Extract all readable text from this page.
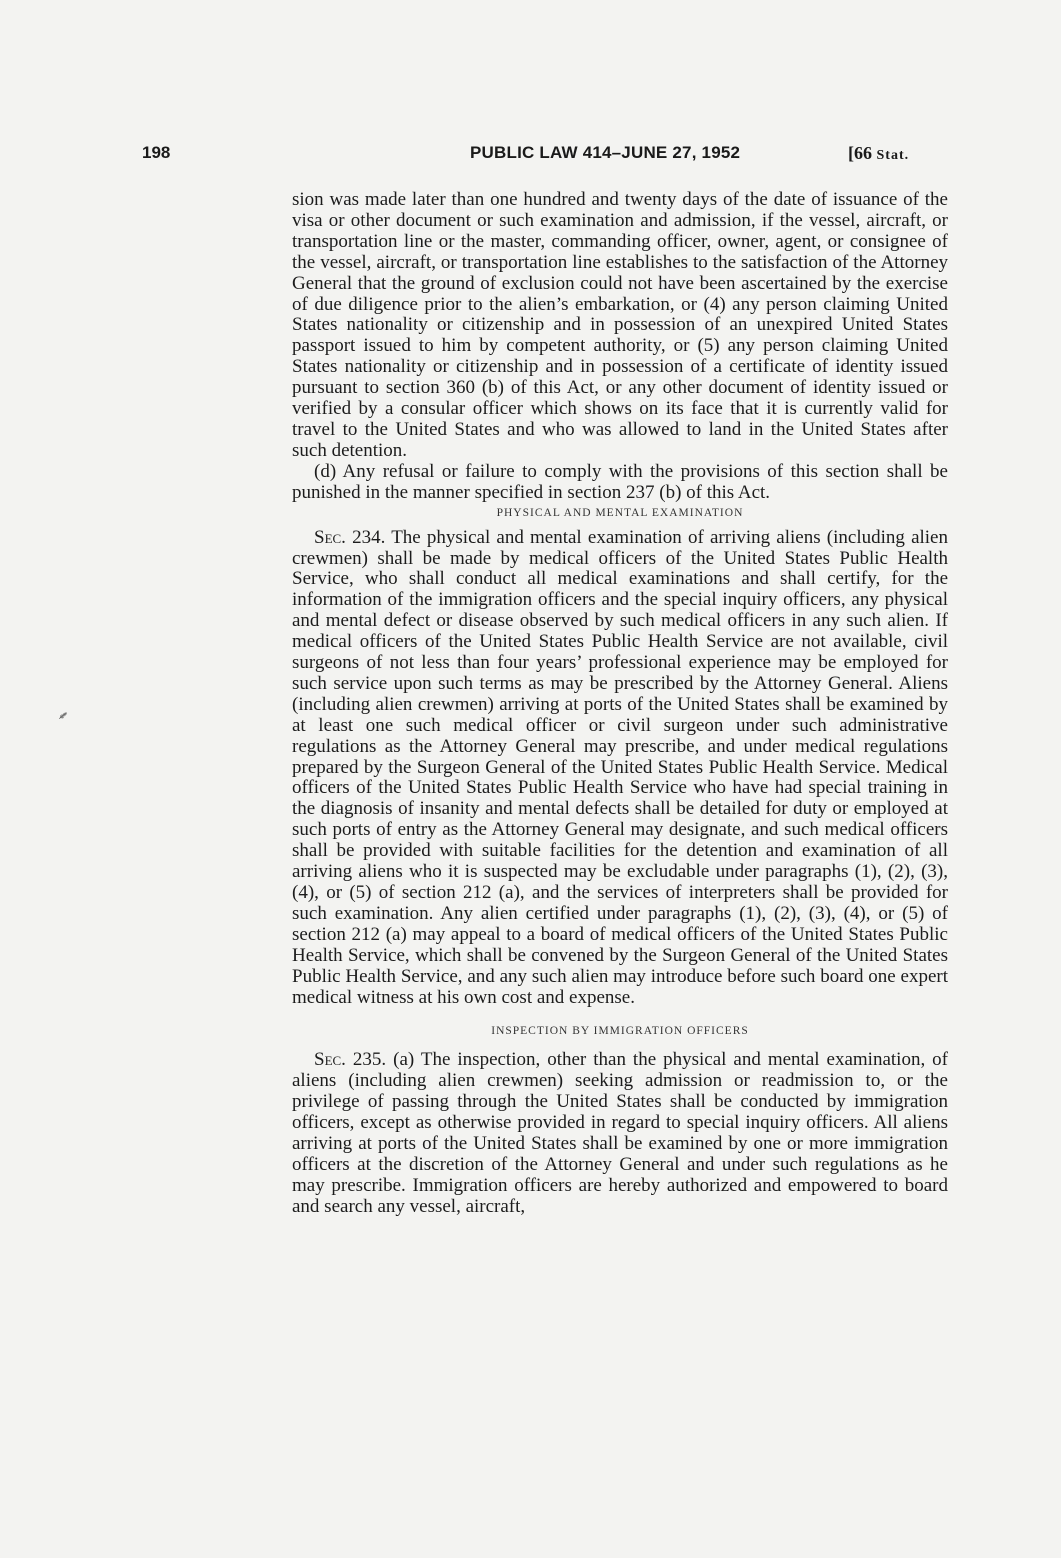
198	PUBLIC LAW 414–JUNE 27, 1952	[66 Stat.
⸙

sion was made later than one hundred and twenty days of the date of issuance of the visa or other document or such examination and admission, if the vessel, aircraft, or transportation line or the master, commanding officer, owner, agent, or consignee of the vessel, aircraft, or transportation line establishes to the satisfaction of the Attorney General that the ground of exclusion could not have been ascertained by the exercise of due diligence prior to the alien’s embarkation, or (4) any person claiming United States nationality or citizenship and in possession of an unexpired United States passport issued to him by competent authority, or (5) any person claiming United States nationality or citizenship and in possession of a certificate of identity issued pursuant to section 360 (b) of this Act, or any other document of identity issued or verified by a consular officer which shows on its face that it is currently valid for travel to the United States and who was allowed to land in the United States after such detention.

(d) Any refusal or failure to comply with the provisions of this section shall be punished in the manner specified in section 237 (b) of this Act.

PHYSICAL AND MENTAL EXAMINATION

Sec. 234. The physical and mental examination of arriving aliens (including alien crewmen) shall be made by medical officers of the United States Public Health Service, who shall conduct all medical examinations and shall certify, for the information of the immigration officers and the special inquiry officers, any physical and mental defect or disease observed by such medical officers in any such alien. If medical officers of the United States Public Health Service are not available, civil surgeons of not less than four years’ professional experience may be employed for such service upon such terms as may be prescribed by the Attorney General. Aliens (including alien crewmen) arriving at ports of the United States shall be examined by at least one such medical officer or civil surgeon under such administrative regulations as the Attorney General may prescribe, and under medical regulations prepared by the Surgeon General of the United States Public Health Service. Medical officers of the United States Public Health Service who have had special training in the diagnosis of insanity and mental defects shall be detailed for duty or employed at such ports of entry as the Attorney General may designate, and such medical officers shall be provided with suitable facilities for the detention and examination of all arriving aliens who it is suspected may be excludable under paragraphs (1), (2), (3), (4), or (5) of section 212 (a), and the services of interpreters shall be provided for such examination. Any alien certified under paragraphs (1), (2), (3), (4), or (5) of section 212 (a) may appeal to a board of medical officers of the United States Public Health Service, which shall be convened by the Surgeon General of the United States Public Health Service, and any such alien may introduce before such board one expert medical witness at his own cost and expense.

INSPECTION BY IMMIGRATION OFFICERS

Sec. 235. (a) The inspection, other than the physical and mental examination, of aliens (including alien crewmen) seeking admission or readmission to, or the privilege of passing through the United States shall be conducted by immigration officers, except as otherwise provided in regard to special inquiry officers. All aliens arriving at ports of the United States shall be examined by one or more immigration officers at the discretion of the Attorney General and under such regulations as he may prescribe. Immigration officers are hereby authorized and empowered to board and search any vessel, aircraft,
